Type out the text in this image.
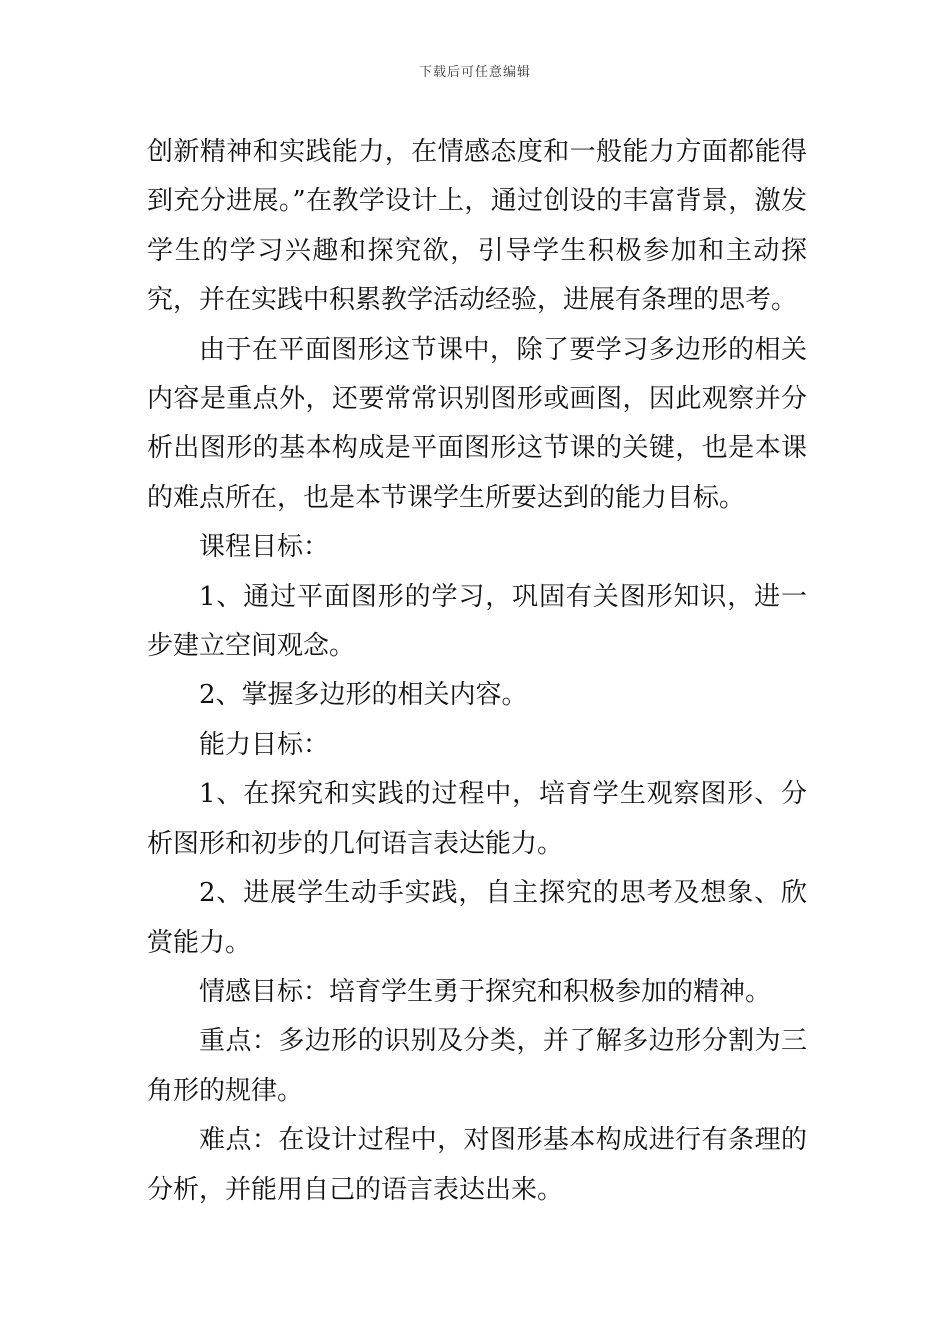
下载后可任意编辑

创新精神和实践能力，在情感态度和一般能力方面都能得到充分进展。”在教学设计上，通过创设的丰富背景，激发学生的学习兴趣和探究欲，引导学生积极参加和主动探究，并在实践中积累教学活动经验，进展有条理的思考。

由于在平面图形这节课中，除了要学习多边形的相关内容是重点外，还要常常识别图形或画图，因此观察并分析出图形的基本构成是平面图形这节课的关键，也是本课的难点所在，也是本节课学生所要达到的能力目标。

课程目标：

1、通过平面图形的学习，巩固有关图形知识，进一步建立空间观念。

2、掌握多边形的相关内容。

能力目标：

1、在探究和实践的过程中，培育学生观察图形、分析图形和初步的几何语言表达能力。

2、进展学生动手实践，自主探究的思考及想象、欣赏能力。

情感目标：培育学生勇于探究和积极参加的精神。

重点：多边形的识别及分类，并了解多边形分割为三角形的规律。

难点：在设计过程中，对图形基本构成进行有条理的分析，并能用自己的语言表达出来。
